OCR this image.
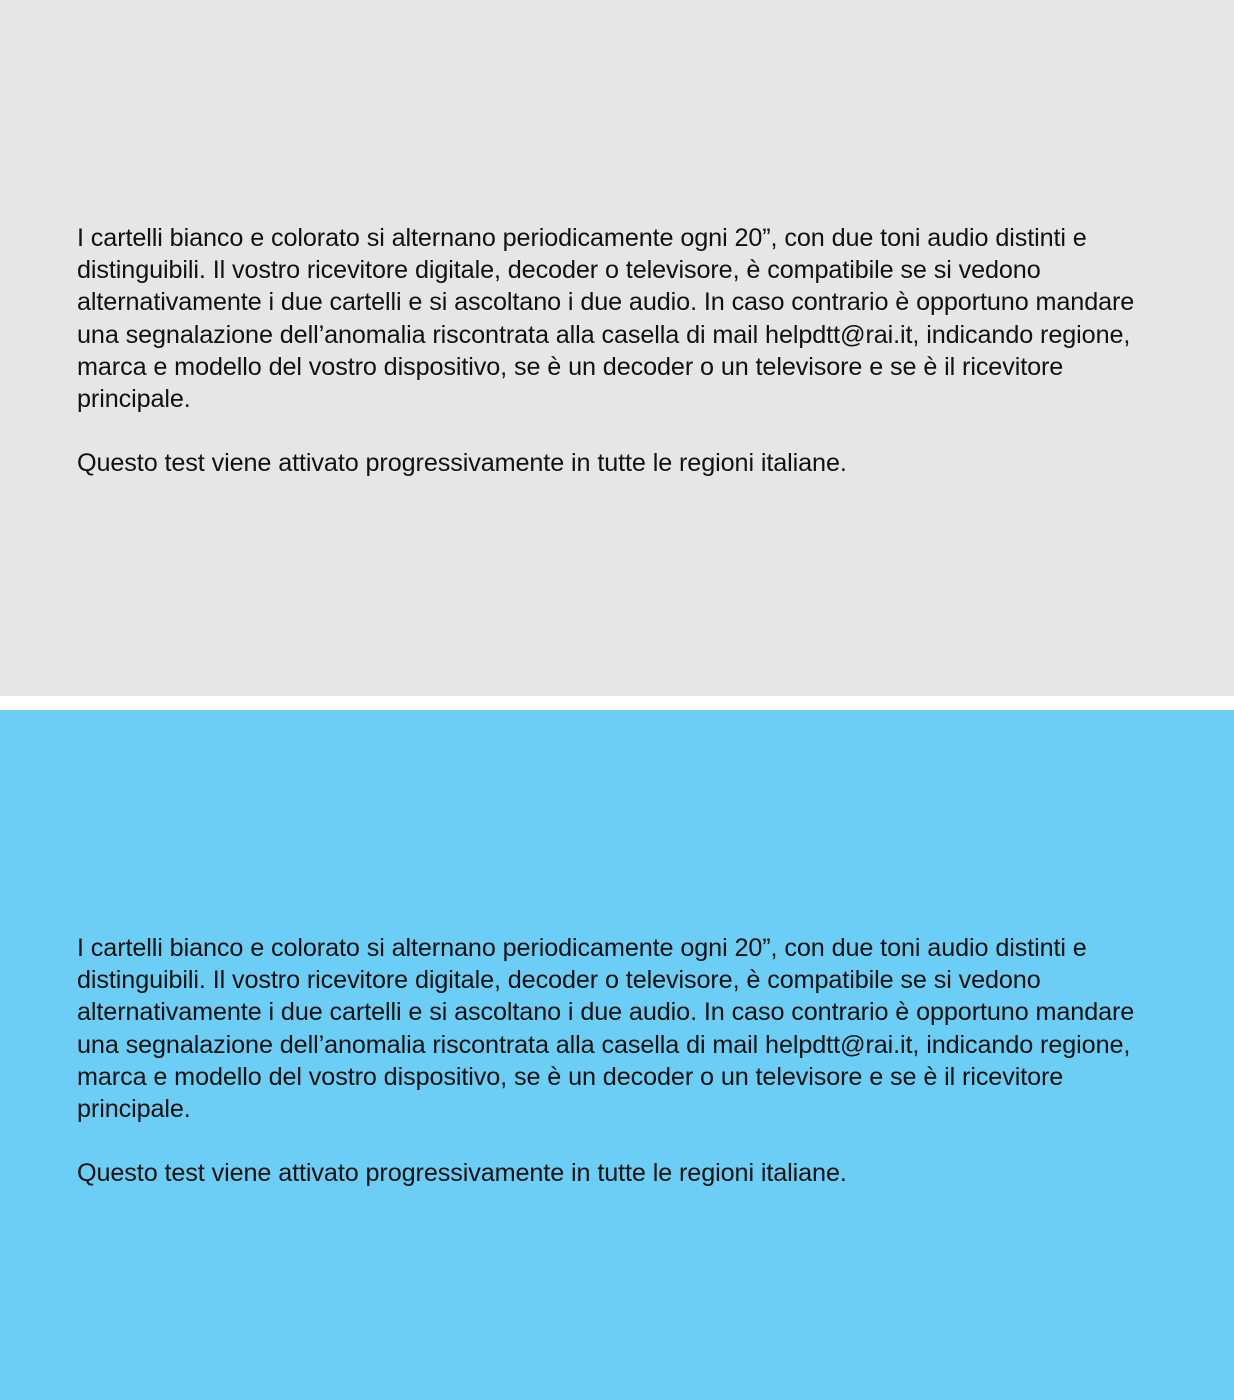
I cartelli bianco e colorato si alternano periodicamente ogni 20”, con due toni audio distinti e distinguibili. Il vostro ricevitore digitale, decoder o televisore, è compatibile se si vedono alternativamente i due cartelli e si ascoltano i due audio. In caso contrario è opportuno mandare una segnalazione dell’anomalia riscontrata alla casella di mail helpdtt@rai.it, indicando regione, marca e modello del vostro dispositivo, se è un decoder o un televisore e se è il ricevitore principale.

Questo test viene attivato progressivamente in tutte le regioni italiane.

I cartelli bianco e colorato si alternano periodicamente ogni 20”, con due toni audio distinti e distinguibili. Il vostro ricevitore digitale, decoder o televisore, è compatibile se si vedono alternativamente i due cartelli e si ascoltano i due audio. In caso contrario è opportuno mandare una segnalazione dell’anomalia riscontrata alla casella di mail helpdtt@rai.it, indicando regione, marca e modello del vostro dispositivo, se è un decoder o un televisore e se è il ricevitore principale.

Questo test viene attivato progressivamente in tutte le regioni italiane.
